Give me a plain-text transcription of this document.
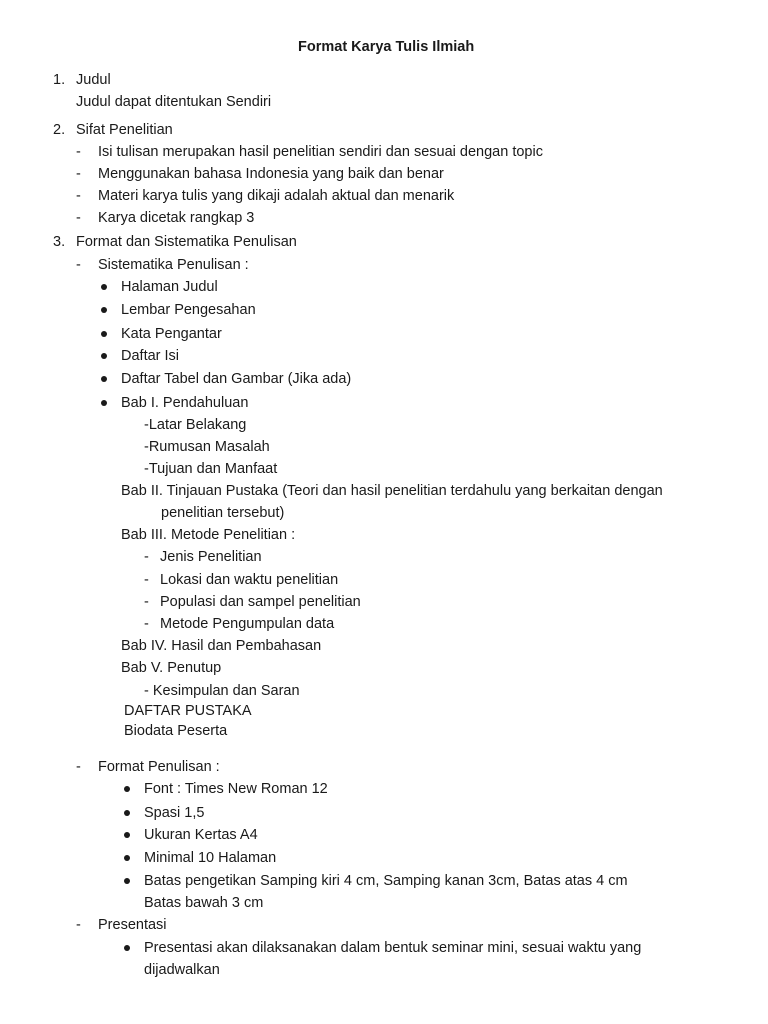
Format Karya Tulis Ilmiah
1. Judul
Judul dapat ditentukan Sendiri
2. Sifat Penelitian
- Isi tulisan merupakan hasil penelitian sendiri dan sesuai dengan topic
- Menggunakan bahasa Indonesia yang baik dan benar
- Materi karya tulis yang dikaji adalah aktual dan menarik
- Karya dicetak rangkap 3
3. Format dan Sistematika Penulisan
- Sistematika Penulisan :
Halaman Judul
Lembar Pengesahan
Kata Pengantar
Daftar Isi
Daftar Tabel dan Gambar (Jika ada)
Bab I. Pendahuluan
-Latar Belakang
-Rumusan Masalah
-Tujuan dan Manfaat
Bab II. Tinjauan Pustaka (Teori dan hasil penelitian terdahulu yang berkaitan dengan
penelitian tersebut)
Bab III. Metode Penelitian :
- Jenis Penelitian
- Lokasi dan waktu penelitian
- Populasi dan sampel penelitian
- Metode Pengumpulan data
Bab IV. Hasil dan Pembahasan
Bab V. Penutup
- Kesimpulan dan Saran
DAFTAR PUSTAKA
Biodata Peserta
- Format Penulisan :
Font : Times New Roman 12
Spasi 1,5
Ukuran Kertas A4
Minimal 10 Halaman
Batas pengetikan Samping kiri 4 cm, Samping kanan 3cm, Batas atas 4 cm
Batas bawah 3 cm
- Presentasi
Presentasi akan dilaksanakan dalam bentuk seminar mini, sesuai waktu yang
dijadwalkan
